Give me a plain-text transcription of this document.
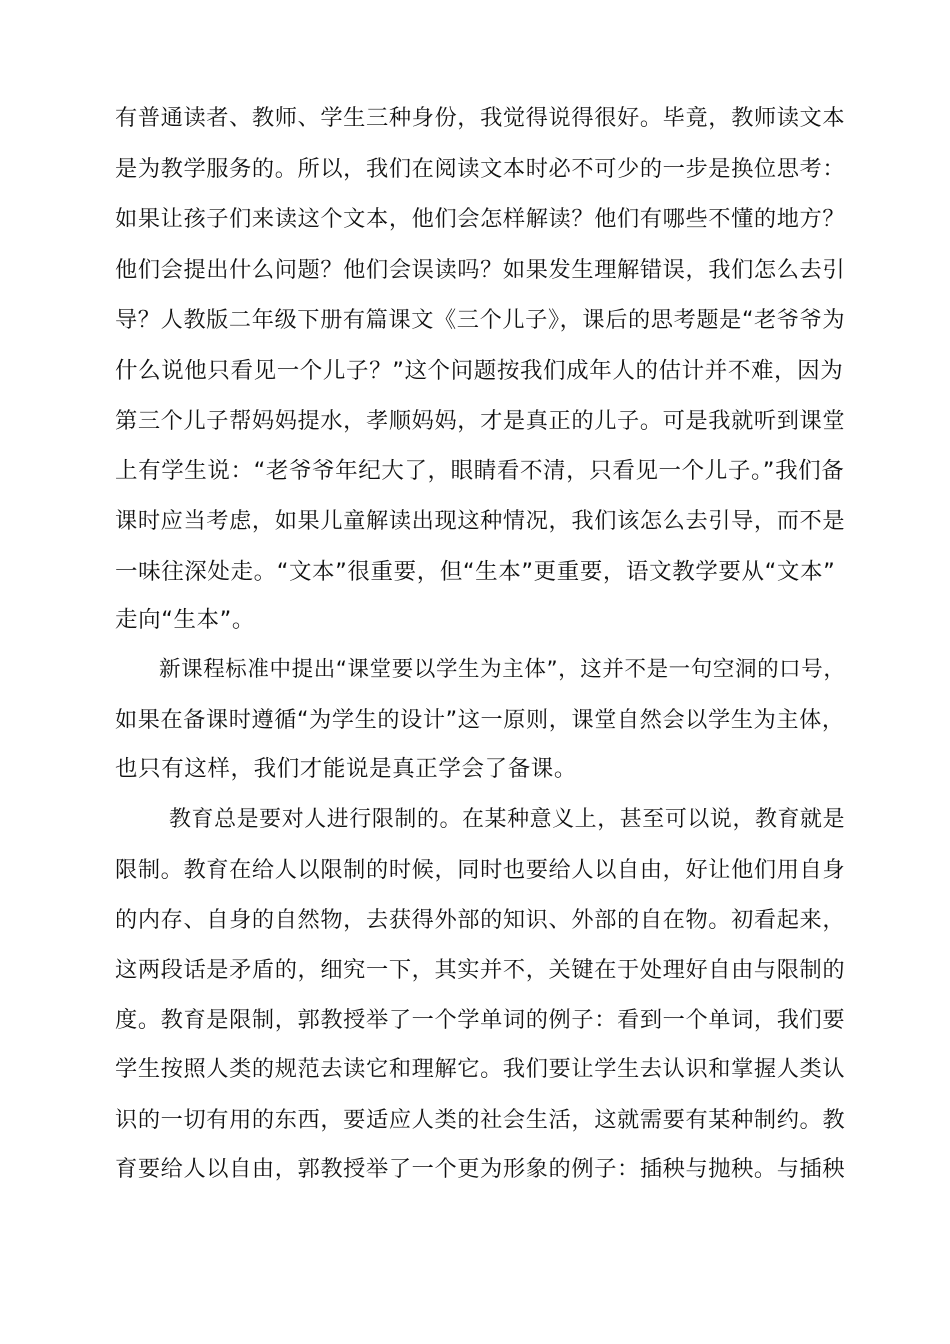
有普通读者、教师、学生三种身份，我觉得说得很好。毕竟，教师读文本
是为教学服务的。所以，我们在阅读文本时必不可少的一步是换位思考：
如果让孩子们来读这个文本，他们会怎样解读？他们有哪些不懂的地方？
他们会提出什么问题？他们会误读吗？如果发生理解错误，我们怎么去引
导？人教版二年级下册有篇课文《三个儿子》，课后的思考题是“老爷爷为
什么说他只看见一个儿子？”这个问题按我们成年人的估计并不难，因为
第三个儿子帮妈妈提水，孝顺妈妈，才是真正的儿子。可是我就听到课堂
上有学生说：“老爷爷年纪大了，眼睛看不清，只看见一个儿子。”我们备
课时应当考虑，如果儿童解读出现这种情况，我们该怎么去引导，而不是
一味往深处走。“文本”很重要，但“生本”更重要，语文教学要从“文本”
走向“生本”。
新课程标准中提出“课堂要以学生为主体”，这并不是一句空洞的口号，
如果在备课时遵循“为学生的设计”这一原则，课堂自然会以学生为主体，
也只有这样，我们才能说是真正学会了备课。
教育总是要对人进行限制的。在某种意义上，甚至可以说，教育就是
限制。教育在给人以限制的时候，同时也要给人以自由，好让他们用自身
的内存、自身的自然物，去获得外部的知识、外部的自在物。初看起来，
这两段话是矛盾的，细究一下，其实并不，关键在于处理好自由与限制的
度。教育是限制，郭教授举了一个学单词的例子：看到一个单词，我们要
学生按照人类的规范去读它和理解它。我们要让学生去认识和掌握人类认
识的一切有用的东西，要适应人类的社会生活，这就需要有某种制约。教
育要给人以自由，郭教授举了一个更为形象的例子：插秧与抛秧。与插秧
